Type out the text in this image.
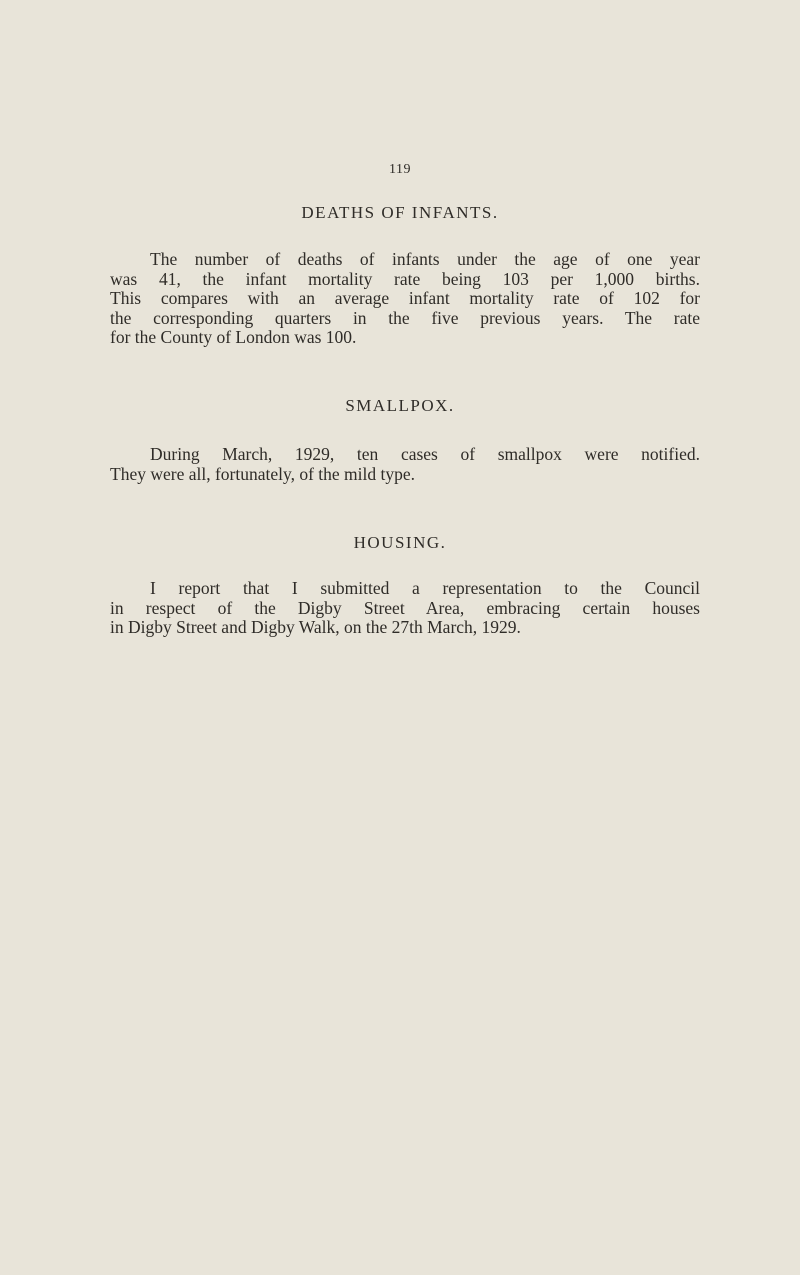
119
DEATHS OF INFANTS.
The number of deaths of infants under the age of one year
was 41, the infant mortality rate being 103 per 1,000 births.
This compares with an average infant mortality rate of 102 for
the corresponding quarters in the five previous years. The rate
for the County of London was 100.
SMALLPOX.
During March, 1929, ten cases of smallpox were notified.
They were all, fortunately, of the mild type.
HOUSING.
I report that I submitted a representation to the Council
in respect of the Digby Street Area, embracing certain houses
in Digby Street and Digby Walk, on the 27th March, 1929.
